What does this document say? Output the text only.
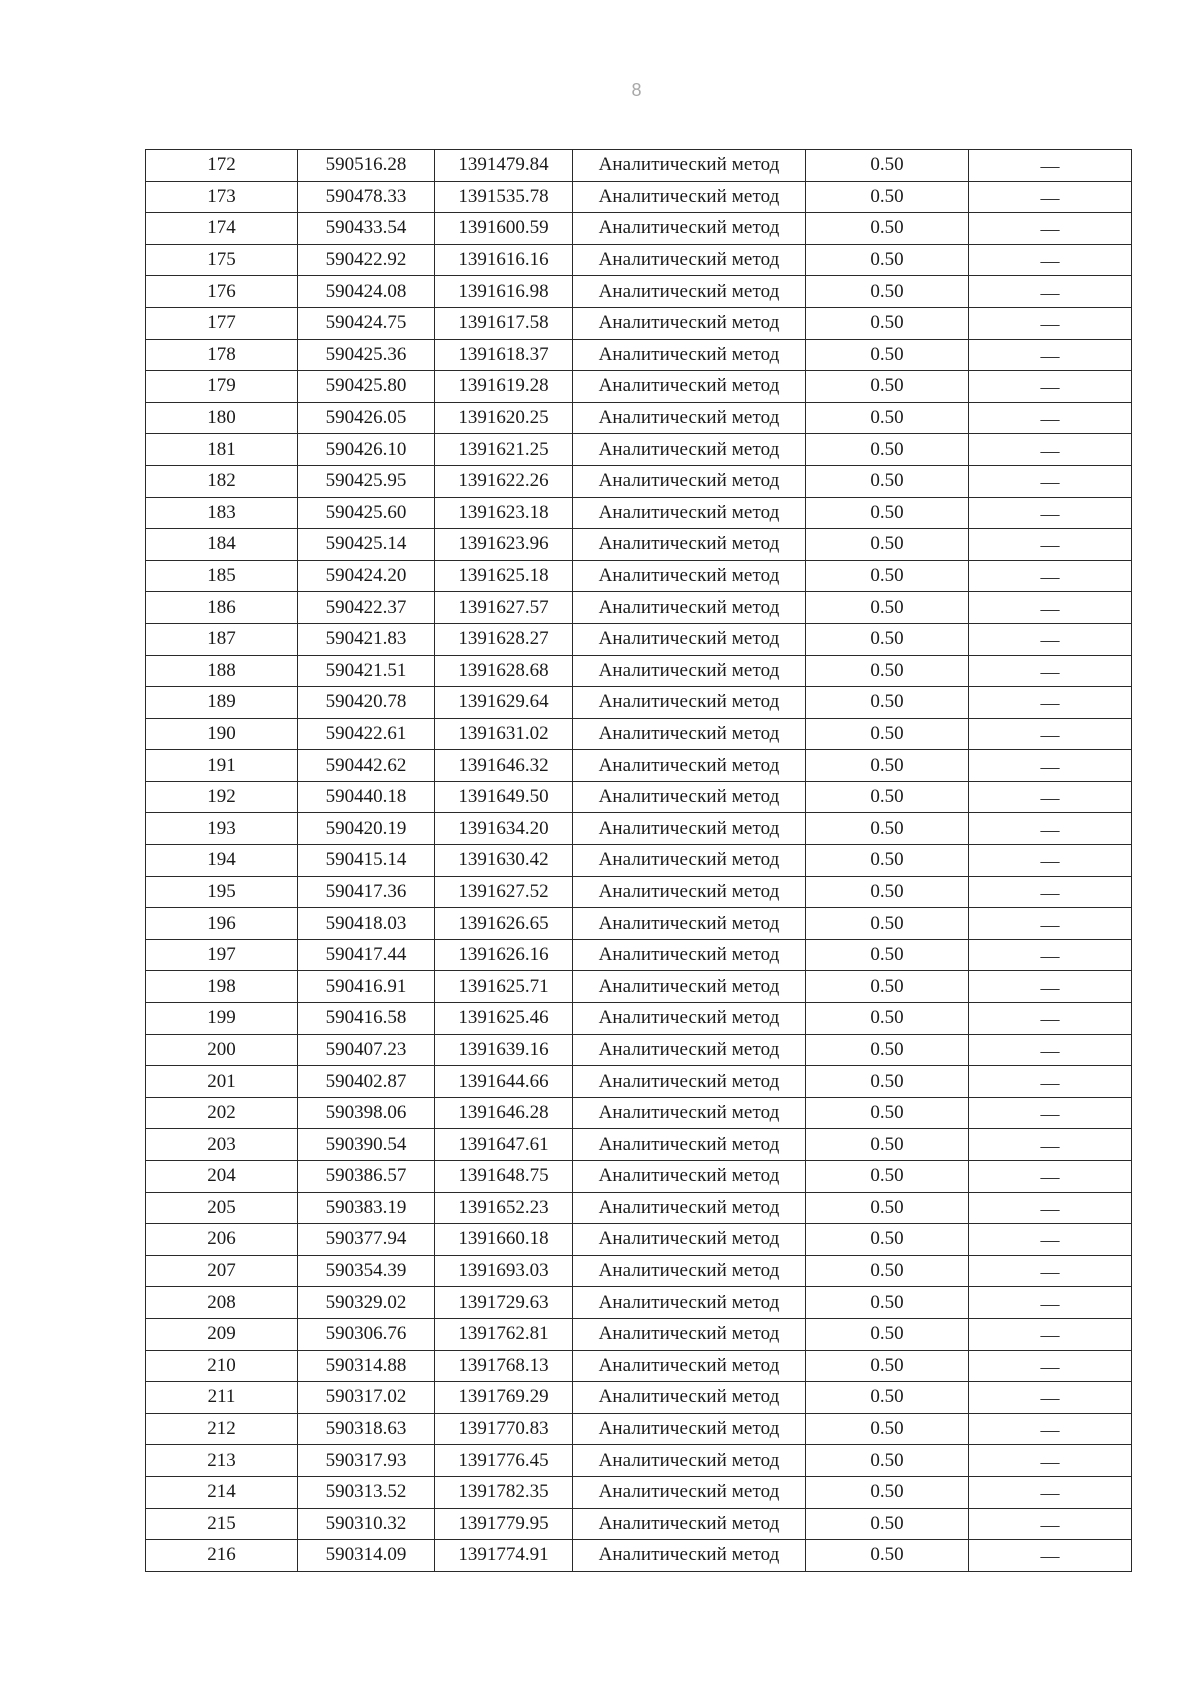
8
172	590516.28	1391479.84	Аналитический метод	0.50	—
173	590478.33	1391535.78	Аналитический метод	0.50	—
174	590433.54	1391600.59	Аналитический метод	0.50	—
175	590422.92	1391616.16	Аналитический метод	0.50	—
176	590424.08	1391616.98	Аналитический метод	0.50	—
177	590424.75	1391617.58	Аналитический метод	0.50	—
178	590425.36	1391618.37	Аналитический метод	0.50	—
179	590425.80	1391619.28	Аналитический метод	0.50	—
180	590426.05	1391620.25	Аналитический метод	0.50	—
181	590426.10	1391621.25	Аналитический метод	0.50	—
182	590425.95	1391622.26	Аналитический метод	0.50	—
183	590425.60	1391623.18	Аналитический метод	0.50	—
184	590425.14	1391623.96	Аналитический метод	0.50	—
185	590424.20	1391625.18	Аналитический метод	0.50	—
186	590422.37	1391627.57	Аналитический метод	0.50	—
187	590421.83	1391628.27	Аналитический метод	0.50	—
188	590421.51	1391628.68	Аналитический метод	0.50	—
189	590420.78	1391629.64	Аналитический метод	0.50	—
190	590422.61	1391631.02	Аналитический метод	0.50	—
191	590442.62	1391646.32	Аналитический метод	0.50	—
192	590440.18	1391649.50	Аналитический метод	0.50	—
193	590420.19	1391634.20	Аналитический метод	0.50	—
194	590415.14	1391630.42	Аналитический метод	0.50	—
195	590417.36	1391627.52	Аналитический метод	0.50	—
196	590418.03	1391626.65	Аналитический метод	0.50	—
197	590417.44	1391626.16	Аналитический метод	0.50	—
198	590416.91	1391625.71	Аналитический метод	0.50	—
199	590416.58	1391625.46	Аналитический метод	0.50	—
200	590407.23	1391639.16	Аналитический метод	0.50	—
201	590402.87	1391644.66	Аналитический метод	0.50	—
202	590398.06	1391646.28	Аналитический метод	0.50	—
203	590390.54	1391647.61	Аналитический метод	0.50	—
204	590386.57	1391648.75	Аналитический метод	0.50	—
205	590383.19	1391652.23	Аналитический метод	0.50	—
206	590377.94	1391660.18	Аналитический метод	0.50	—
207	590354.39	1391693.03	Аналитический метод	0.50	—
208	590329.02	1391729.63	Аналитический метод	0.50	—
209	590306.76	1391762.81	Аналитический метод	0.50	—
210	590314.88	1391768.13	Аналитический метод	0.50	—
211	590317.02	1391769.29	Аналитический метод	0.50	—
212	590318.63	1391770.83	Аналитический метод	0.50	—
213	590317.93	1391776.45	Аналитический метод	0.50	—
214	590313.52	1391782.35	Аналитический метод	0.50	—
215	590310.32	1391779.95	Аналитический метод	0.50	—
216	590314.09	1391774.91	Аналитический метод	0.50	—
